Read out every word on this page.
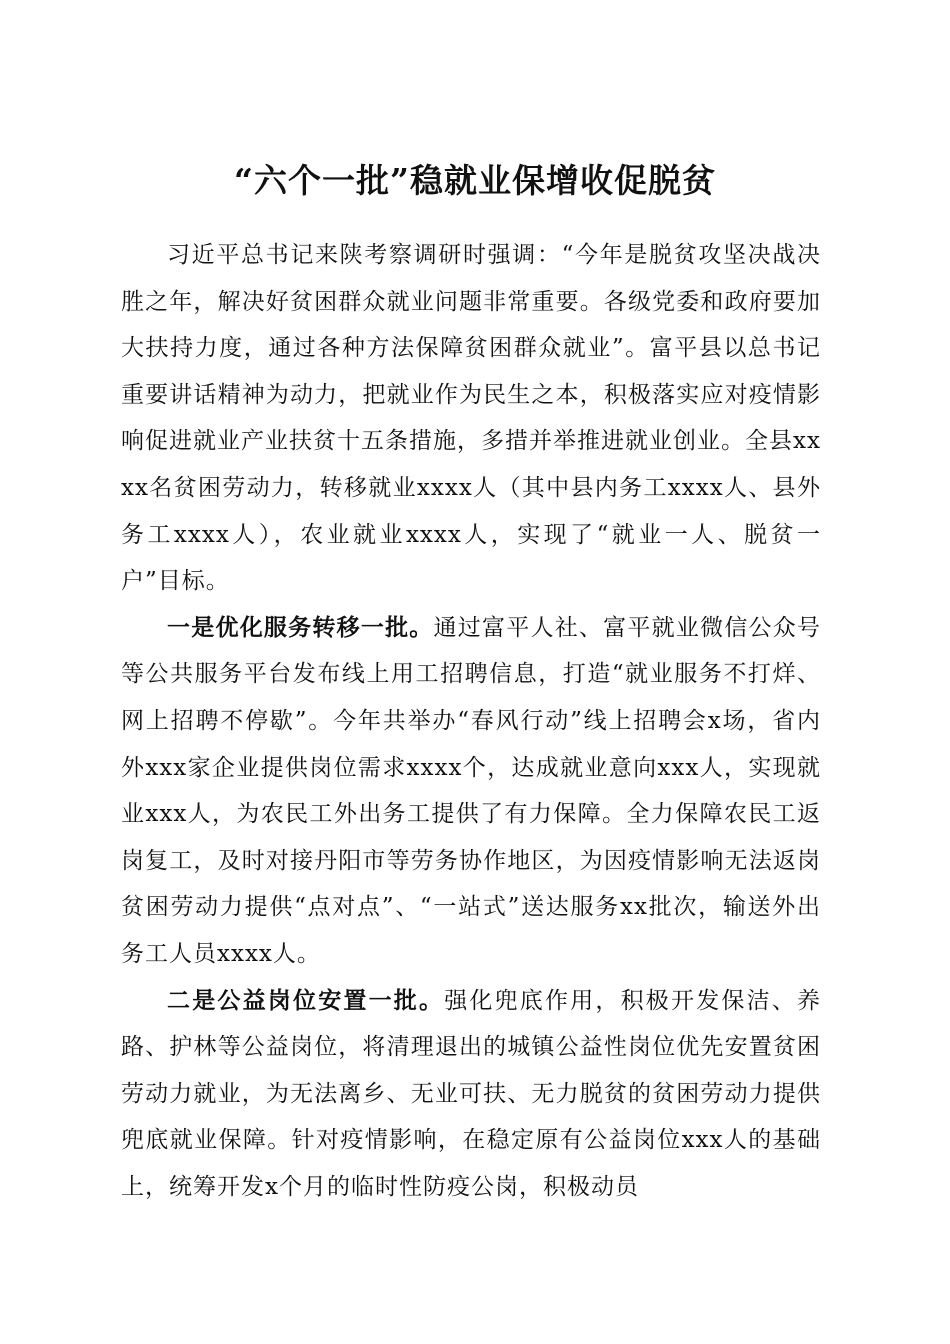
“六个一批”稳就业保增收促脱贫

习近平总书记来陕考察调研时强调：“今年是脱贫攻坚决战决胜之年，解决好贫困群众就业问题非常重要。各级党委和政府要加大扶持力度，通过各种方法保障贫困群众就业”。富平县以总书记重要讲话精神为动力，把就业作为民生之本，积极落实应对疫情影响促进就业产业扶贫十五条措施，多措并举推进就业创业。全县xxxx名贫困劳动力，转移就业xxxx人（其中县内务工xxxx人、县外务工xxxx人），农业就业xxxx人，实现了“就业一人、脱贫一户”目标。

一是优化服务转移一批。通过富平人社、富平就业微信公众号等公共服务平台发布线上用工招聘信息，打造“就业服务不打烊、网上招聘不停歇”。今年共举办“春风行动”线上招聘会x场，省内外xxx家企业提供岗位需求xxxx个，达成就业意向xxx人，实现就业xxx人，为农民工外出务工提供了有力保障。全力保障农民工返岗复工，及时对接丹阳市等劳务协作地区，为因疫情影响无法返岗贫困劳动力提供“点对点”、“一站式”送达服务xx批次，输送外出务工人员xxxx人。

二是公益岗位安置一批。强化兜底作用，积极开发保洁、养路、护林等公益岗位，将清理退出的城镇公益性岗位优先安置贫困劳动力就业，为无法离乡、无业可扶、无力脱贫的贫困劳动力提供兜底就业保障。针对疫情影响，在稳定原有公益岗位xxx人的基础上，统筹开发x个月的临时性防疫公岗，积极动员
